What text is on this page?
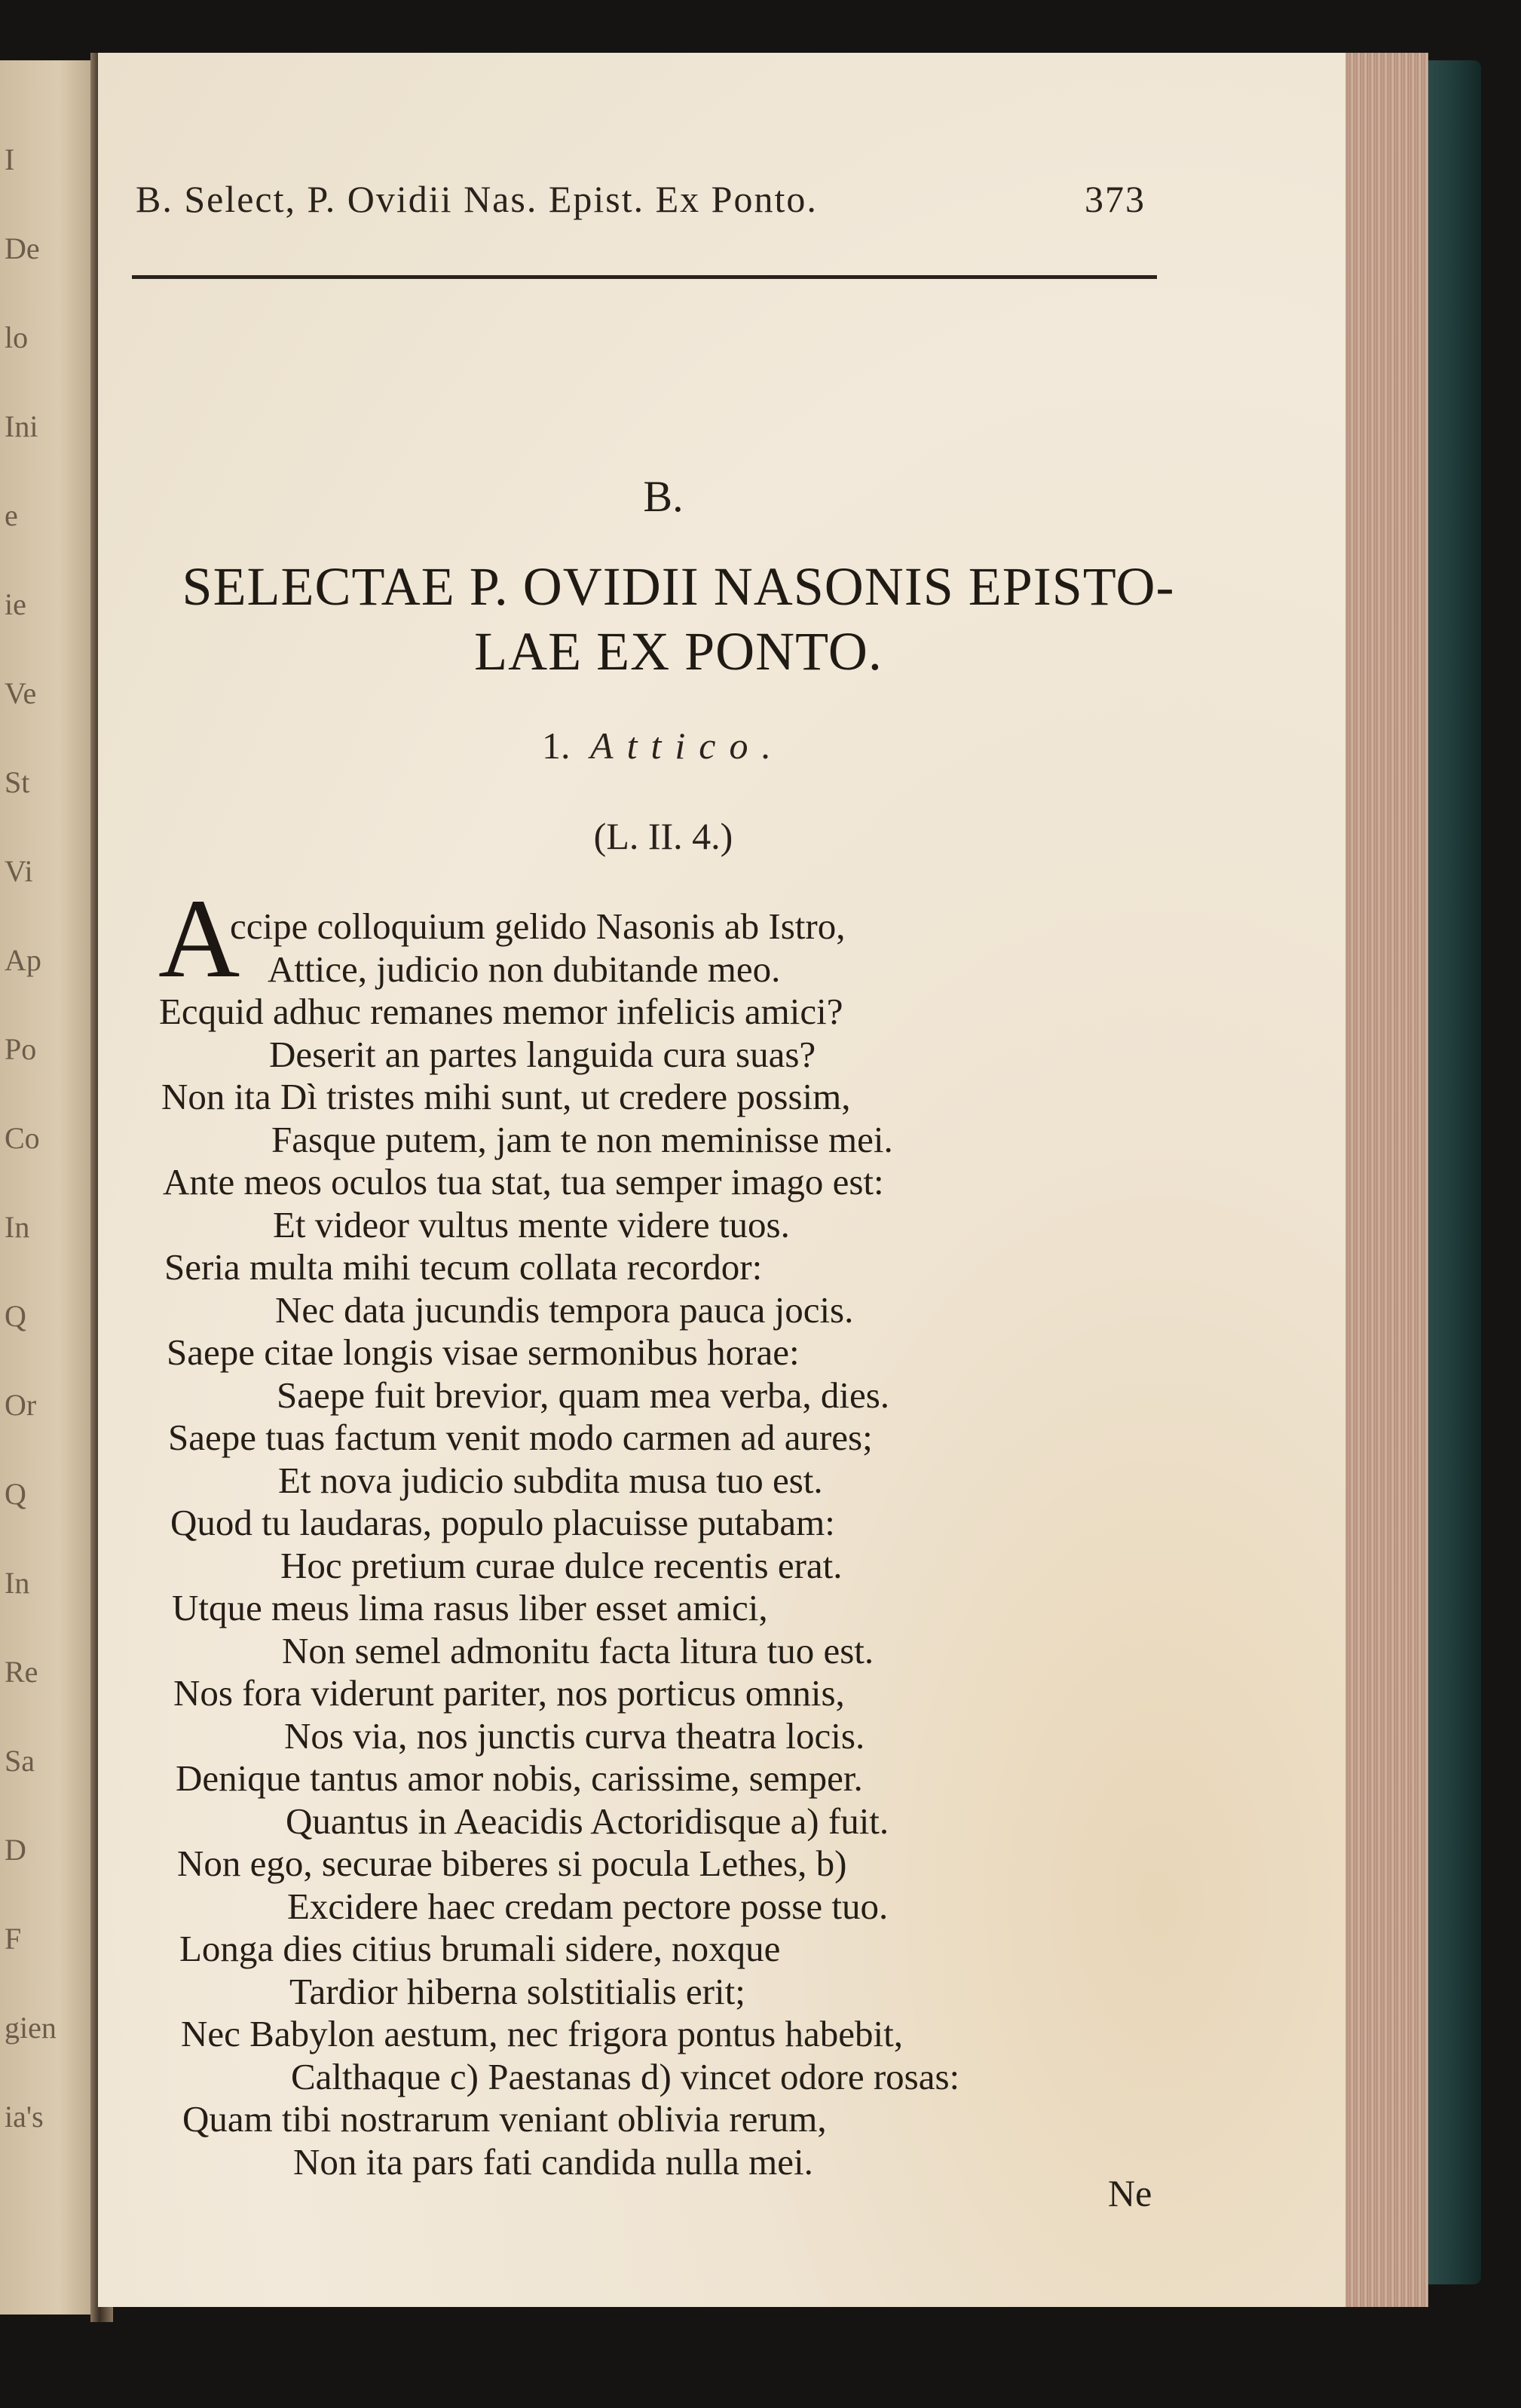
I
De
lo
Ini
e
ie
Ve
St
Vi
Ap
Po
Co
In
Q
Or
Q
In
Re
Sa
D
F
gien
ia's
B. Select, P. Ovidii Nas. Epist. Ex Ponto.	373
B.
SELECTAE P. OVIDII NASONIS EPISTO-
LAE EX PONTO.
1. Attico.
(L. II. 4.)
A
ccipe colloquium gelido Nasonis ab Istro,
Attice, judicio non dubitande meo.
Ecquid adhuc remanes memor infelicis amici?
Deserit an partes languida cura suas?
Non ita Dì tristes mihi sunt, ut credere possim,
Fasque putem, jam te non meminisse mei.
Ante meos oculos tua stat, tua semper imago est:
Et videor vultus mente videre tuos.
Seria multa mihi tecum collata recordor:
Nec data jucundis tempora pauca jocis.
Saepe citae longis visae sermonibus horae:
Saepe fuit brevior, quam mea verba, dies.
Saepe tuas factum venit modo carmen ad aures;
Et nova judicio subdita musa tuo est.
Quod tu laudaras, populo placuisse putabam:
Hoc pretium curae dulce recentis erat.
Utque meus lima rasus liber esset amici,
Non semel admonitu facta litura tuo est.
Nos fora viderunt pariter, nos porticus omnis,
Nos via, nos junctis curva theatra locis.
Denique tantus amor nobis, carissime, semper.
Quantus in Aeacidis Actoridisque a) fuit.
Non ego, securae biberes si pocula Lethes, b)
Excidere haec credam pectore posse tuo.
Longa dies citius brumali sidere, noxque
Tardior hiberna solstitialis erit;
Nec Babylon aestum, nec frigora pontus habebit,
Calthaque c) Paestanas d) vincet odore rosas:
Quam tibi nostrarum veniant oblivia rerum,
Non ita pars fati candida nulla mei.
Ne
